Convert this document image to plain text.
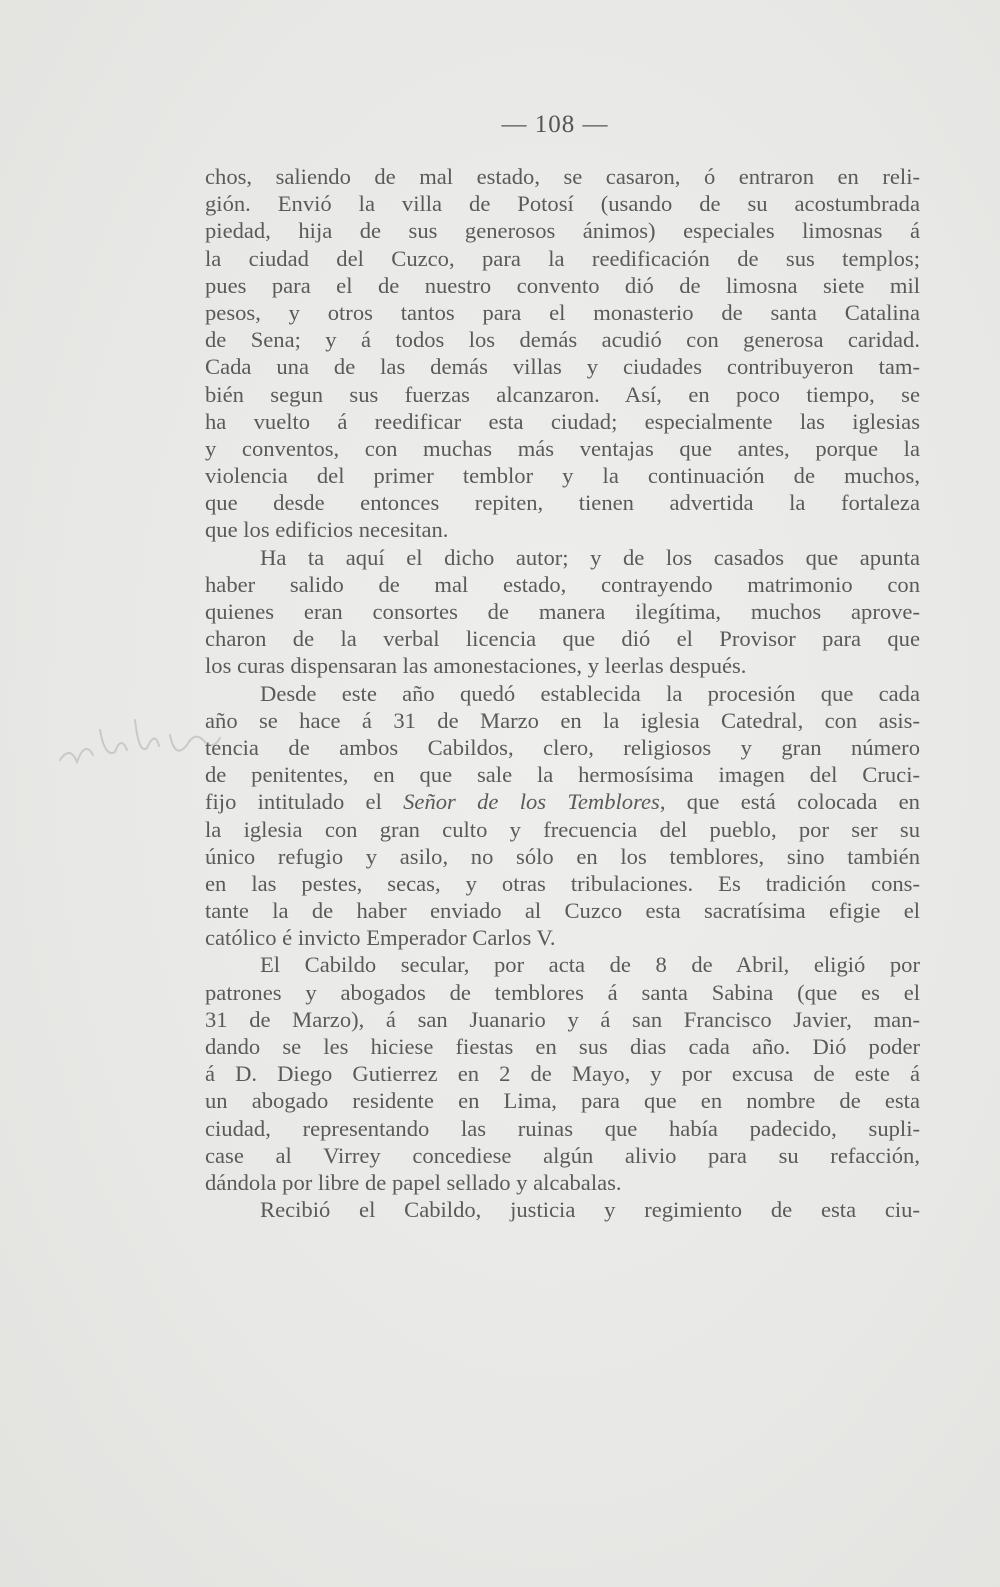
— 108 —
chos, saliendo de mal estado, se casaron, ó entraron en reli-
gión. Envió la villa de Potosí (usando de su acostumbrada
piedad, hija de sus generosos ánimos) especiales limosnas á
la ciudad del Cuzco, para la reedificación de sus templos;
pues para el de nuestro convento dió de limosna siete mil
pesos, y otros tantos para el monasterio de santa Catalina
de Sena; y á todos los demás acudió con generosa caridad.
Cada una de las demás villas y ciudades contribuyeron tam-
bién segun sus fuerzas alcanzaron. Así, en poco tiempo, se
ha vuelto á reedificar esta ciudad; especialmente las iglesias
y conventos, con muchas más ventajas que antes, porque la
violencia del primer temblor y la continuación de muchos,
que desde entonces repiten, tienen advertida la fortaleza
que los edificios necesitan.
Ha ta aquí el dicho autor; y de los casados que apunta
haber salido de mal estado, contrayendo matrimonio con
quienes eran consortes de manera ilegítima, muchos aprove-
charon de la verbal licencia que dió el Provisor para que
los curas dispensaran las amonestaciones, y leerlas después.
Desde este año quedó establecida la procesión que cada
año se hace á 31 de Marzo en la iglesia Catedral, con asis-
tencia de ambos Cabildos, clero, religiosos y gran número
de penitentes, en que sale la hermosísima imagen del Cruci-
fijo intitulado el Señor de los Temblores, que está colocada en
la iglesia con gran culto y frecuencia del pueblo, por ser su
único refugio y asilo, no sólo en los temblores, sino también
en las pestes, secas, y otras tribulaciones. Es tradición cons-
tante la de haber enviado al Cuzco esta sacratísima efigie el
católico é invicto Emperador Carlos V.
El Cabildo secular, por acta de 8 de Abril, eligió por
patrones y abogados de temblores á santa Sabina (que es el
31 de Marzo), á san Juanario y á san Francisco Javier, man-
dando se les hiciese fiestas en sus dias cada año. Dió poder
á D. Diego Gutierrez en 2 de Mayo, y por excusa de este á
un abogado residente en Lima, para que en nombre de esta
ciudad, representando las ruinas que había padecido, supli-
case al Virrey concediese algún alivio para su refacción,
dándola por libre de papel sellado y alcabalas.
Recibió el Cabildo, justicia y regimiento de esta ciu-
